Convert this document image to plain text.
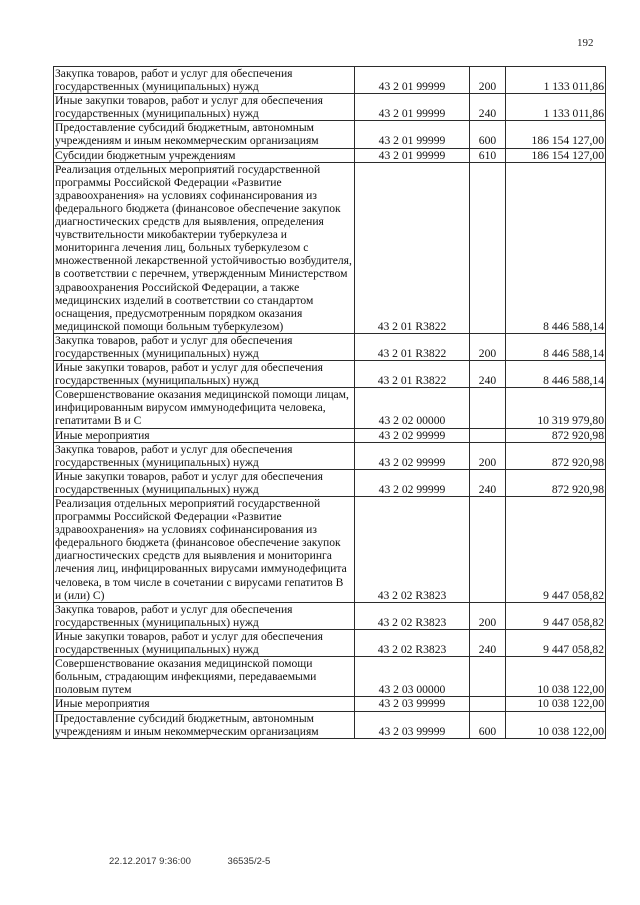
192
Закупка товаров, работ и услуг для обеспечения государственных (муниципальных) нужд	43 2 01 99999	200	1 133 011,86
Иные закупки товаров, работ и услуг для обеспечения государственных (муниципальных) нужд	43 2 01 99999	240	1 133 011,86
Предоставление субсидий бюджетным, автономным учреждениям и иным некоммерческим организациям	43 2 01 99999	600	186 154 127,00
Субсидии бюджетным учреждениям	43 2 01 99999	610	186 154 127,00
Реализация отдельных мероприятий государственной программы Российской Федерации «Развитие здравоохранения» на условиях софинансирования из федерального бюджета (финансовое обеспечение закупок диагностических средств для выявления, определения чувствительности микобактерии туберкулеза и мониторинга лечения лиц, больных туберкулезом с множественной лекарственной устойчивостью возбудителя, в соответствии с перечнем, утвержденным Министерством здравоохранения Российской Федерации, а также медицинских изделий в соответствии со стандартом оснащения, предусмотренным порядком оказания медицинской помощи больным туберкулезом)	43 2 01 R3822		8 446 588,14
Закупка товаров, работ и услуг для обеспечения государственных (муниципальных) нужд	43 2 01 R3822	200	8 446 588,14
Иные закупки товаров, работ и услуг для обеспечения государственных (муниципальных) нужд	43 2 01 R3822	240	8 446 588,14
Совершенствование оказания медицинской помощи лицам, инфицированным вирусом иммунодефицита человека, гепатитами В и С	43 2 02 00000		10 319 979,80
Иные мероприятия	43 2 02 99999		872 920,98
Закупка товаров, работ и услуг для обеспечения государственных (муниципальных) нужд	43 2 02 99999	200	872 920,98
Иные закупки товаров, работ и услуг для обеспечения государственных (муниципальных) нужд	43 2 02 99999	240	872 920,98
Реализация отдельных мероприятий государственной программы Российской Федерации «Развитие здравоохранения» на условиях софинансирования из федерального бюджета (финансовое обеспечение закупок диагностических средств для выявления и мониторинга лечения лиц, инфицированных вирусами иммунодефицита человека, в том числе в сочетании с вирусами гепатитов В и (или) С)	43 2 02 R3823		9 447 058,82
Закупка товаров, работ и услуг для обеспечения государственных (муниципальных) нужд	43 2 02 R3823	200	9 447 058,82
Иные закупки товаров, работ и услуг для обеспечения государственных (муниципальных) нужд	43 2 02 R3823	240	9 447 058,82
Совершенствование оказания медицинской помощи больным, страдающим инфекциями, передаваемыми половым путем	43 2 03 00000		10 038 122,00
Иные мероприятия	43 2 03 99999		10 038 122,00
Предоставление субсидий бюджетным, автономным учреждениям и иным некоммерческим организациям	43 2 03 99999	600	10 038 122,00
22.12.2017 9:36:00	36535/2-5
